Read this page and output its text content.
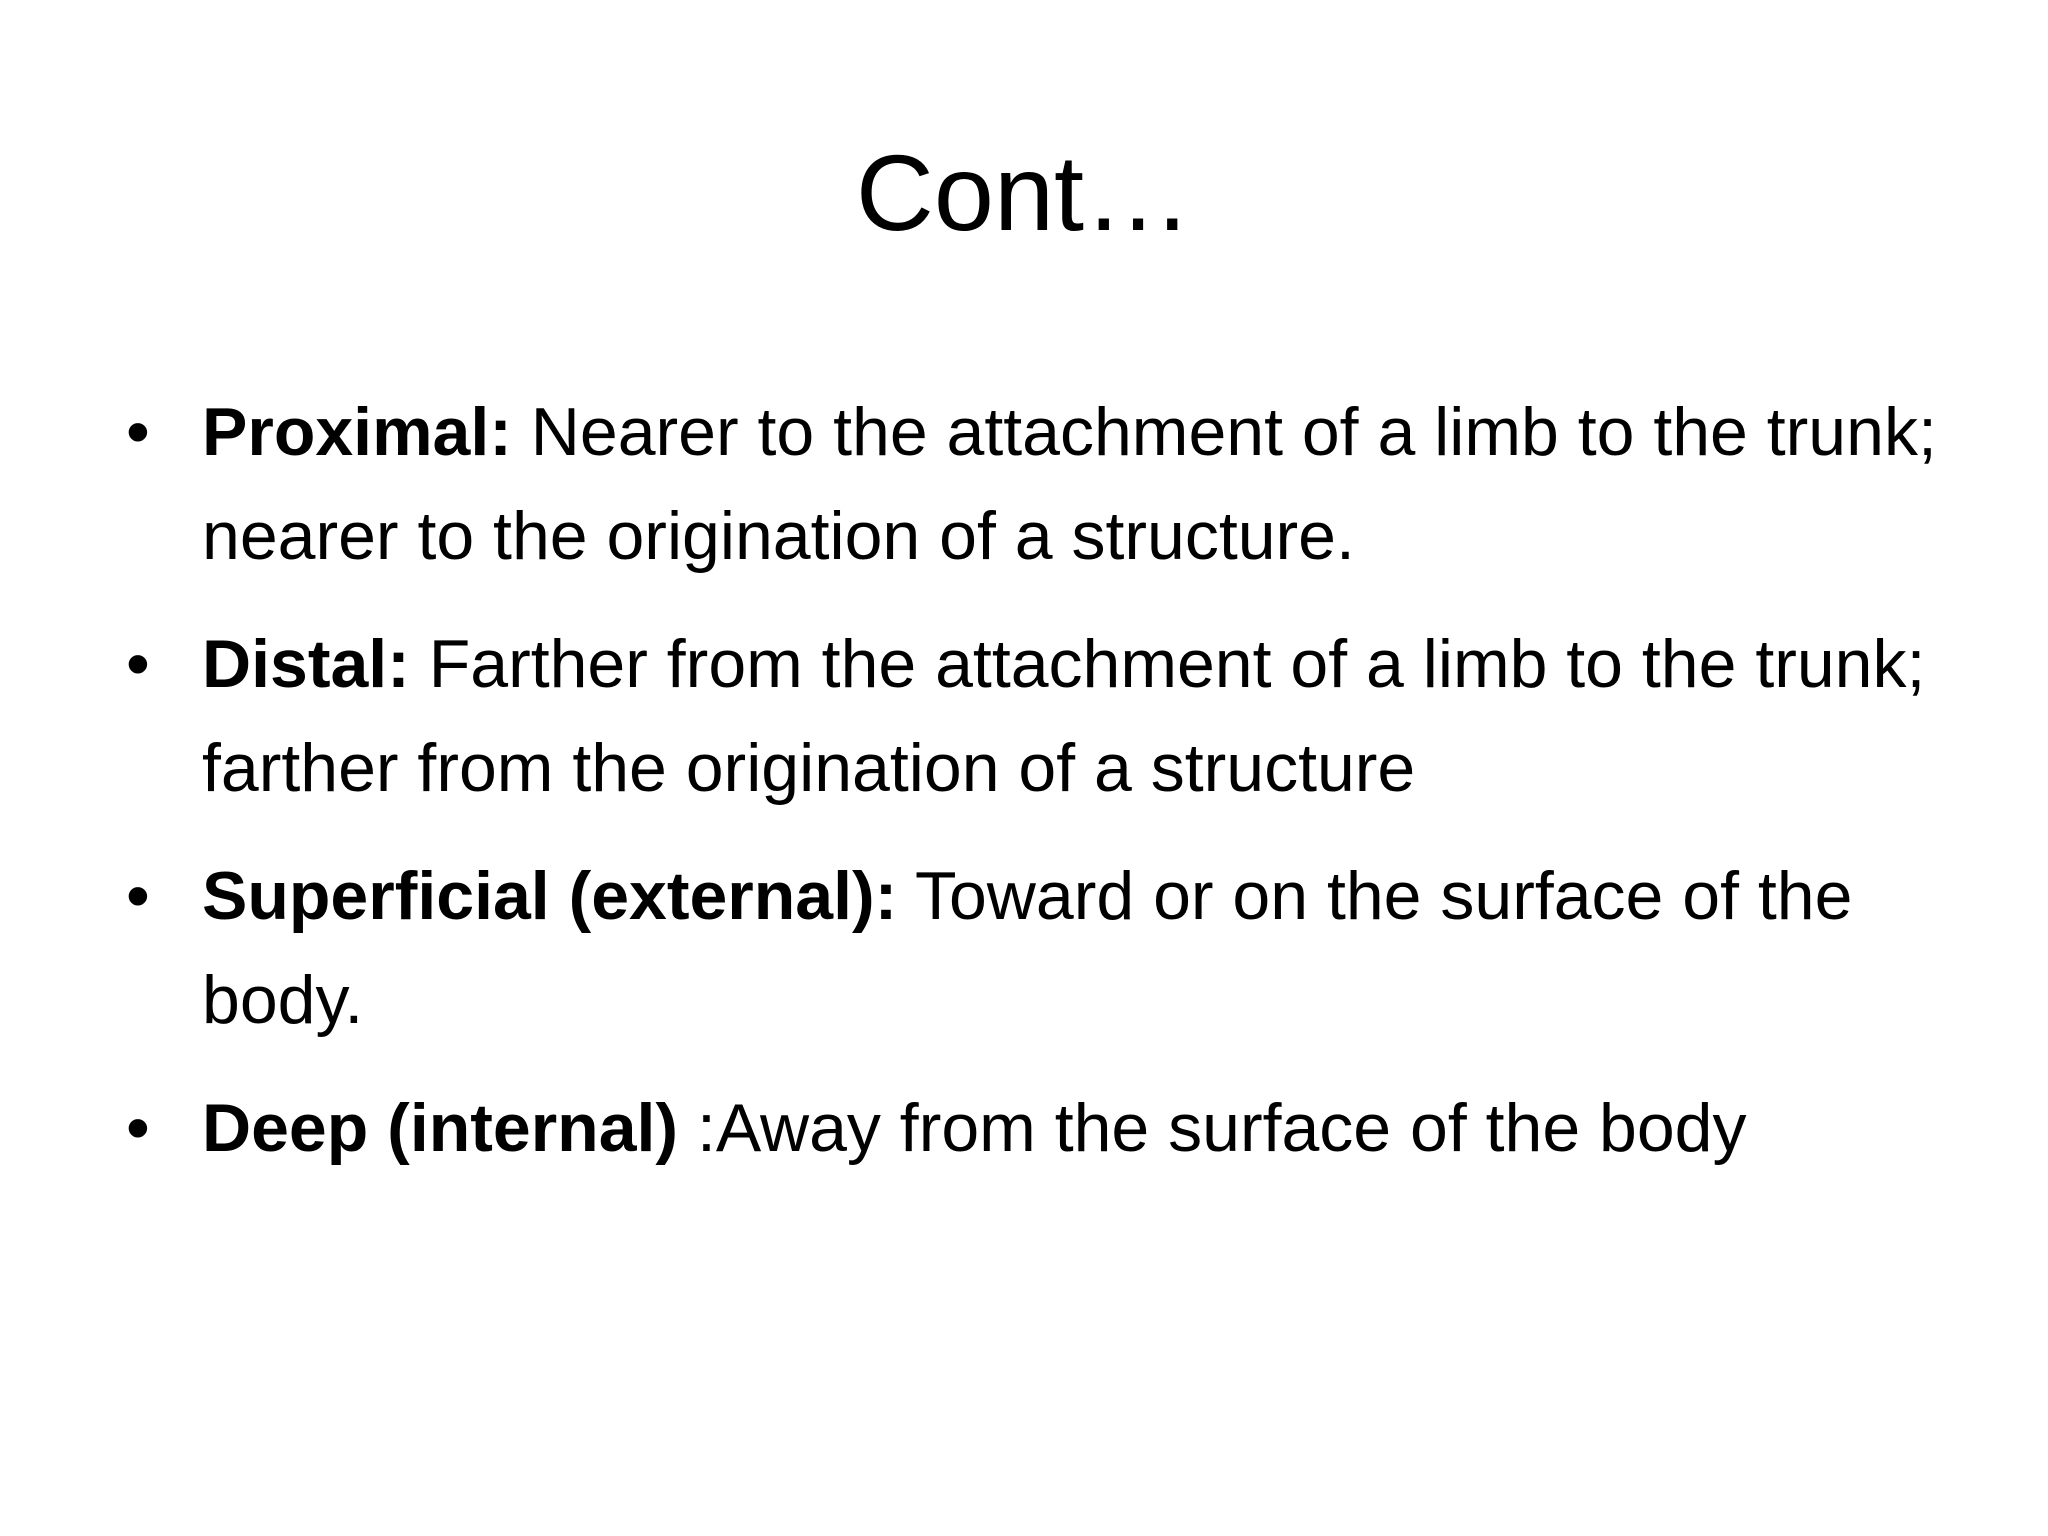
Cont…
• Proximal: Nearer to the attachment of a limb to the trunk; nearer to the origination of a structure.
• Distal: Farther from the attachment of a limb to the trunk; farther from the origination of a structure
• Superficial (external): Toward or on the surface of the body.
• Deep (internal) :Away from the surface of the body
